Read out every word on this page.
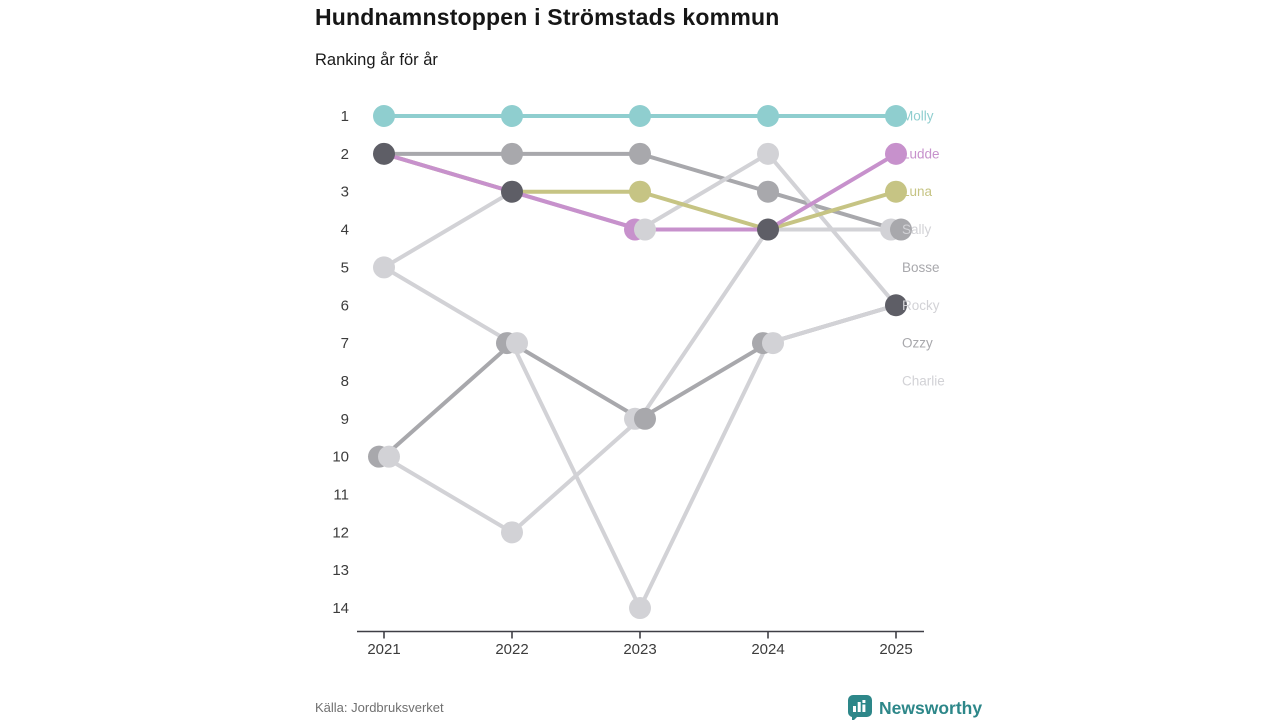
Hundnamnstoppen i Strömstads kommun
Ranking år för år
2021	2022	2023	2024	2025
1
2
3
4
5
6
7
8
9
10
11
12
13
14
Molly
Ludde
Luna
Sally
Bosse
Rocky
Ozzy
Charlie
Källa: Jordbruksverket	Newsworthy
